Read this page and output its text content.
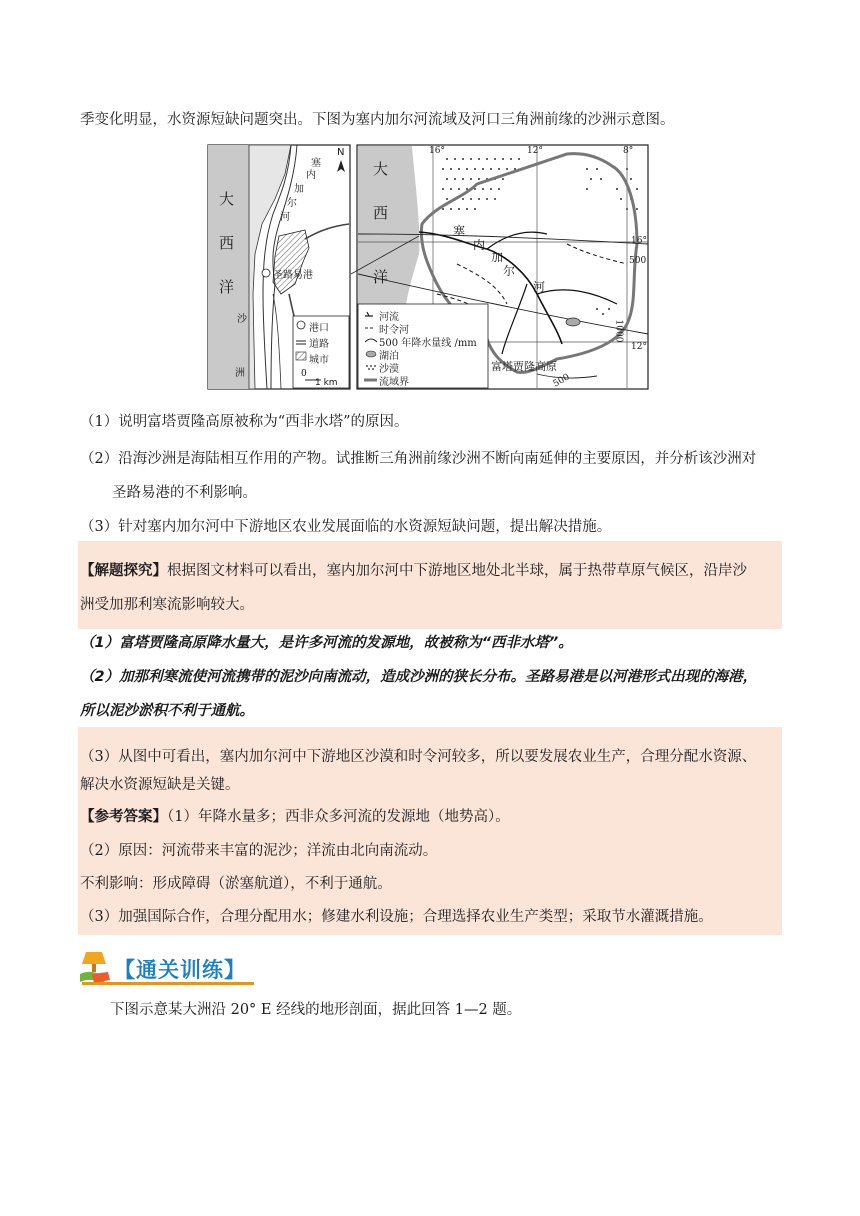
季变化明显，水资源短缺问题突出。下图为塞内加尔河流域及河口三角洲前缘的沙洲示意图。
大
西
洋
塞
内
加
尔
河
N
圣路易港
沙
洲
港口
道路
城市
0
1 km
大
西
洋
塞
内
加
尔
河
16°	12°	8°
16°
12°
500
1000
500
富塔贾隆高原
河流
时令河
500 年降水量线 /mm
湖泊
沙漠
流域界
（1）说明富塔贾隆高原被称为“西非水塔”的原因。
（2）沿海沙洲是海陆相互作用的产物。试推断三角洲前缘沙洲不断向南延伸的主要原因，并分析该沙洲对
圣路易港的不利影响。
（3）针对塞内加尔河中下游地区农业发展面临的水资源短缺问题，提出解决措施。
【解题探究】根据图文材料可以看出，塞内加尔河中下游地区地处北半球，属于热带草原气候区，沿岸沙
洲受加那利寒流影响较大。
（1）富塔贾隆高原降水量大，是许多河流的发源地，故被称为“西非水塔”。
（2）加那利寒流使河流携带的泥沙向南流动，造成沙洲的狭长分布。圣路易港是以河港形式出现的海港，
所以泥沙淤积不利于通航。
（3）从图中可看出，塞内加尔河中下游地区沙漠和时令河较多，所以要发展农业生产，合理分配水资源、
解决水资源短缺是关键。
【参考答案】（1）年降水量多；西非众多河流的发源地（地势高）。
（2）原因：河流带来丰富的泥沙；洋流由北向南流动。
不利影响：形成障碍（淤塞航道），不利于通航。
（3）加强国际合作，合理分配用水；修建水利设施；合理选择农业生产类型；采取节水灌溉措施。
【通关训练】
下图示意某大洲沿 20° E 经线的地形剖面，据此回答 1—2 题。
